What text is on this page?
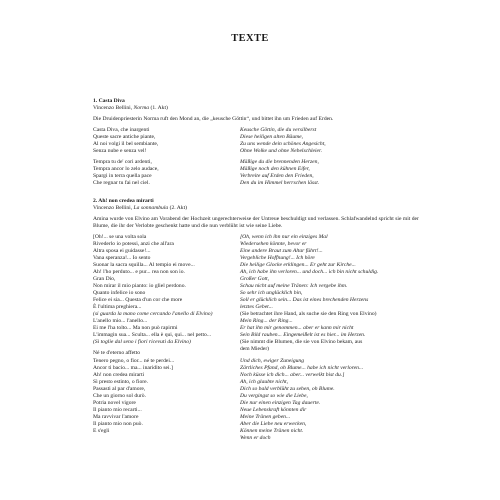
TEXTE
1. Casta Diva
Vincenzo Bellini, Norma (1. Akt)
Die Druidenpriesterin Norma ruft den Mond an, die „keusche Göttin“, und bittet ihn um Frieden auf Erden.
Casta Diva, che inargenti
Queste sacre antiche piante,
Al noi volgi il bel sembiante,
Senza nube e senza vel!
Tempra tu de' cori ardenti,
Tempra ancor lo zelo audace,
Spargi in terra quella pace
Che regnar tu fai nel ciel.
Keusche Göttin, die du versilberst
Diese heiligen alten Bäume,
Zu uns wende dein schönes Angesicht,
Ohne Wolke und ohne Nebelschleier.
Mäßige du die brennenden Herzen,
Mäßige noch den kühnen Eifer,
Verbreite auf Erden den Frieden,
Den du im Himmel herrschen lässt.
2. Ah! non credea mirarti
Vincenzo Bellini, La sonnambula (2. Akt)
Amina wurde von Elvino am Vorabend der Hochzeit ungerechterweise der Untreue beschuldigt und verlassen. Schlafwandelnd spricht sie mit der Blume, die ihr der Verlobte geschenkt hatte und die nun verblüht ist wie seine Liebe.
[Oh!... se una volta sola
Rivederlo io potessi, anzi che all'ara
Altra sposa ei guidasse!...
Vana speranza!... Io sento
Suonar la sacra squilla... Al tempio ei move...
Ah! l'ho perduto... e pur... rea non son io.
Gran Dio,
Non mirar il mio pianto: io gliel perdono.
Quanto infelice io sono
Felice ei sia... Questa d'un cor che more
È l'ultima preghiera...
(si guarda la mano come cercando l'anello di Elvino)
L'anello mio... l'anello...
Ei me l'ha tolto... Ma non può rapirmi
L'immagin sua... Sculta... ella è qui, qui... nel petto...
(Si toglie dal seno i fiori ricevuti da Elvino)
Né te d'eterno affetto
Tenero pegno, o fior... né te perdei...
Ancor ti bacio... ma... inaridito sei.]
Ah! non credea mirarti
Sì presto estinto, o fiore.
Passasti al par d'amore,
Che un giorno sol durò.
Potria novel vigore
Il pianto mio recarti...
Ma ravvivar l'amore
Il pianto mio non può.
E s'egli
[Oh, wenn ich ihn nur ein einziges Mal
Wiedersehen könnte, bevor er
Eine andere Braut zum Altar führt!...
Vergebliche Hoffnung!... Ich höre
Die heilige Glocke erklingen... Er geht zur Kirche...
Ah, ich habe ihn verloren... und doch... ich bin nicht schuldig.
Großer Gott,
Schau nicht auf meine Tränen: Ich vergebe ihm.
So sehr ich unglücklich bin,
Soll er glücklich sein... Das ist eines brechenden Herzens
letztes Gebet...
(Sie betrachtet ihre Hand, als suche sie den Ring von Elvino)
Mein Ring... der Ring...
Er hat ihn mir genommen... aber er kann mir nicht
Sein Bild rauben... Eingemeißelt ist es hier... im Herzen.
(Sie nimmt die Blumen, die sie von Elvino bekam, aus
dem Mieder)
Und dich, ewiger Zuneigung
Zärtliches Pfand, oh Blume... habe ich nicht verloren...
Noch küsse ich dich... aber... verwelkt bist du.]
Ah, ich glaubte nicht,
Dich so bald verblüht zu sehen, oh Blume.
Du vergingst so wie die Liebe,
Die nur einen einzigen Tag dauerte.
Neue Lebenskraft könnten dir
Meine Tränen geben...
Aber die Liebe neu erwecken,
Können meine Tränen nicht.
Wenn er doch
